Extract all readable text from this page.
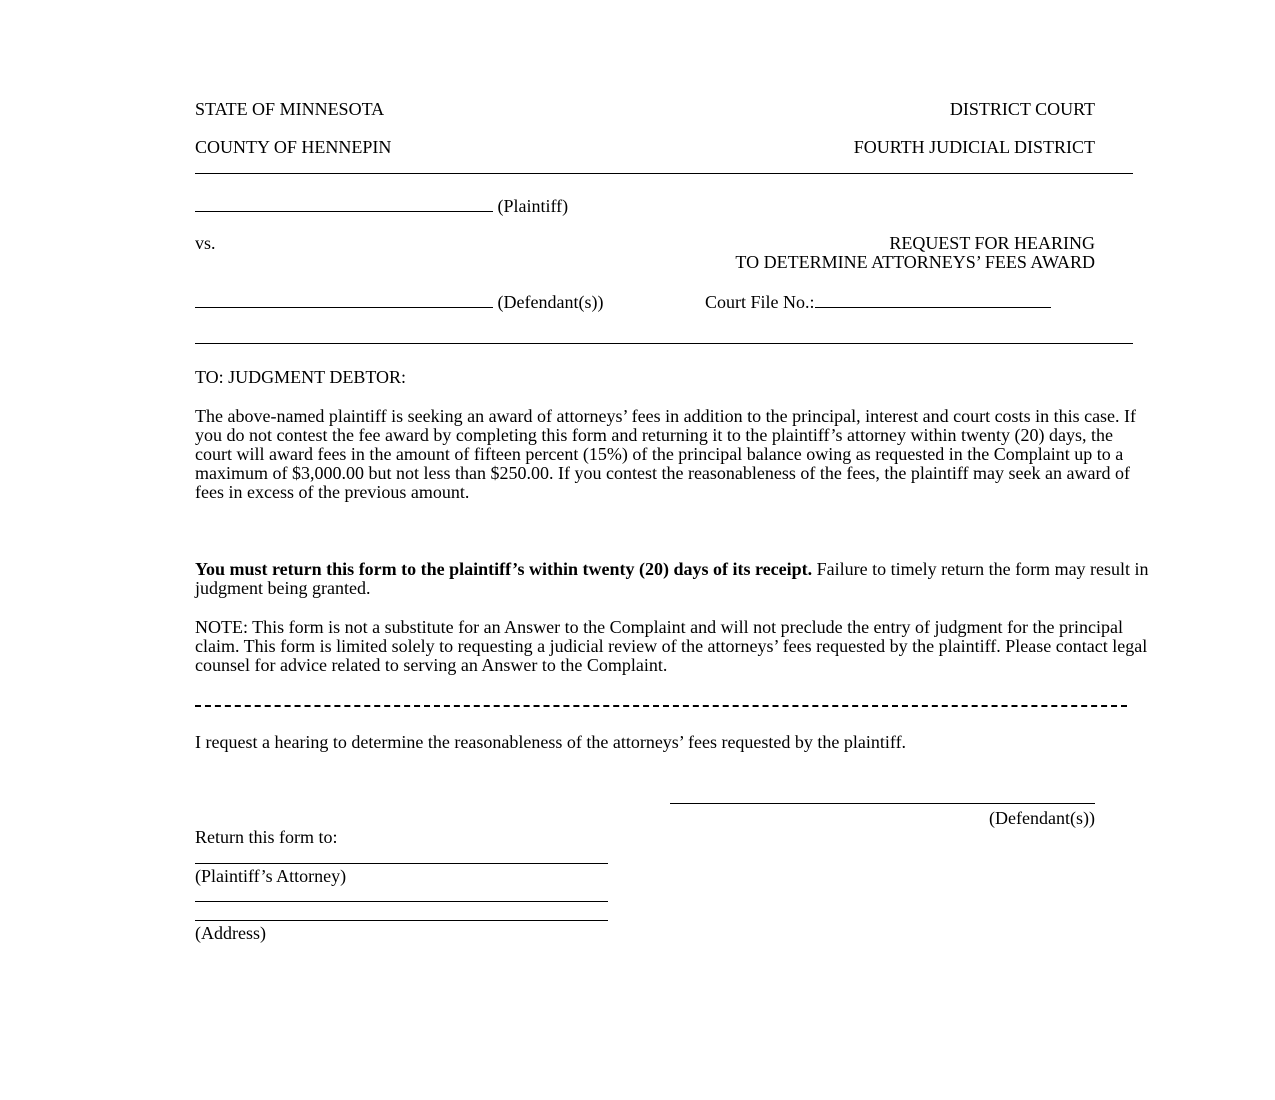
STATE OF MINNESOTA	DISTRICT COURT
COUNTY OF HENNEPIN	FOURTH JUDICIAL DISTRICT
(Plaintiff)
vs.	REQUEST FOR HEARING
TO DETERMINE ATTORNEYS’ FEES AWARD
(Defendant(s))	Court File No.:
TO: JUDGMENT DEBTOR:
The above-named plaintiff is seeking an award of attorneys’ fees in addition to the principal, interest and court costs in this case. If you do not contest the fee award by completing this form and returning it to the plaintiff’s attorney within twenty (20) days, the court will award fees in the amount of fifteen percent (15%) of the principal balance owing as requested in the Complaint up to a maximum of $3,000.00 but not less than $250.00. If you contest the reasonableness of the fees, the plaintiff may seek an award of fees in excess of the previous amount.
You must return this form to the plaintiff’s within twenty (20) days of its receipt. Failure to timely return the form may result in judgment being granted.
NOTE: This form is not a substitute for an Answer to the Complaint and will not preclude the entry of judgment for the principal claim. This form is limited solely to requesting a judicial review of the attorneys’ fees requested by the plaintiff. Please contact legal counsel for advice related to serving an Answer to the Complaint.
I request a hearing to determine the reasonableness of the attorneys’ fees requested by the plaintiff.
(Defendant(s))
Return this form to:
(Plaintiff’s Attorney)
(Address)
